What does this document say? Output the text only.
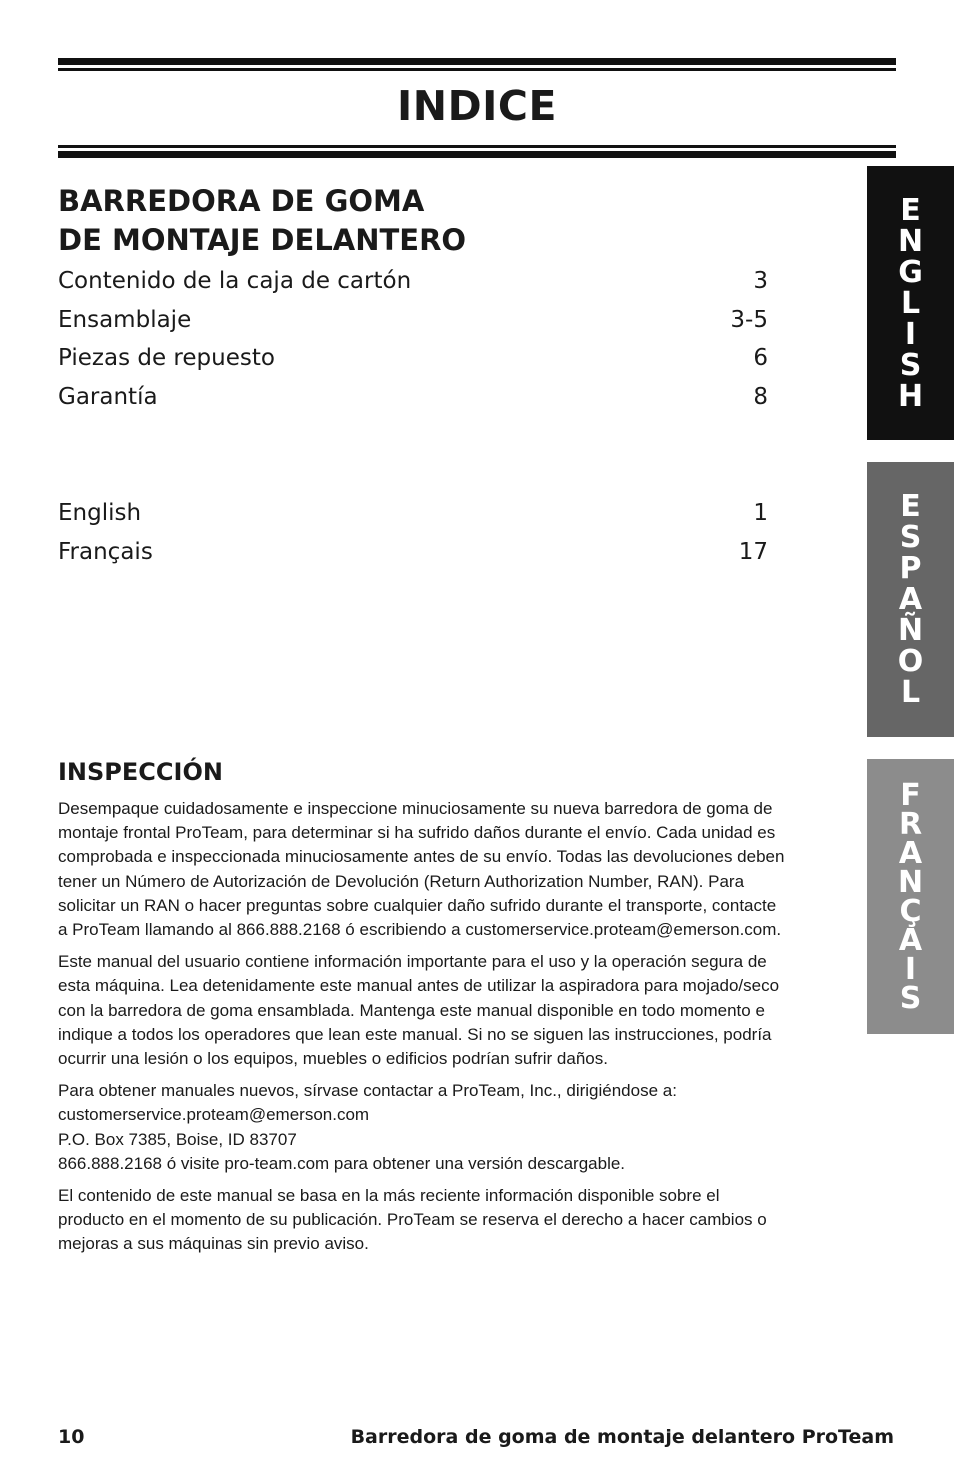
INDICE
BARREDORA DE GOMA
DE MONTAJE DELANTERO
Contenido de la caja de cartón	3
Ensamblaje	3-5
Piezas de repuesto	6
Garantía	8
English	1
Français	17
INSPECCIÓN

Desempaque cuidadosamente e inspeccione minuciosamente su nueva barredora de goma de montaje frontal ProTeam, para determinar si ha sufrido daños durante el envío. Cada unidad es comprobada e inspeccionada minuciosamente antes de su envío. Todas las devoluciones deben tener un Número de Autorización de Devolución (Return Authorization Number, RAN). Para solicitar un RAN o hacer preguntas sobre cualquier daño sufrido durante el transporte, contacte a ProTeam llamando al 866.888.2168 ó escribiendo a customerservice.proteam@emerson.com.

Este manual del usuario contiene información importante para el uso y la operación segura de esta máquina. Lea detenidamente este manual antes de utilizar la aspiradora para mojado/seco con la barredora de goma ensamblada. Mantenga este manual disponible en todo momento e indique a todos los operadores que lean este manual. Si no se siguen las instrucciones, podría ocurrir una lesión o los equipos, muebles o edificios podrían sufrir daños.

Para obtener manuales nuevos, sírvase contactar a ProTeam, Inc., dirigiéndose a:
customerservice.proteam@emerson.com
P.O. Box 7385, Boise, ID 83707
866.888.2168 ó visite pro-team.com para obtener una versión descargable.

El contenido de este manual se basa en la más reciente información disponible sobre el producto en el momento de su publicación. ProTeam se reserva el derecho a hacer cambios o mejoras a sus máquinas sin previo aviso.

E
N
G
L
I
S
H
E
S
P
A
Ñ
O
L
F
R
A
N
Ç
A
I
S
10	Barredora de goma de montaje delantero ProTeam
